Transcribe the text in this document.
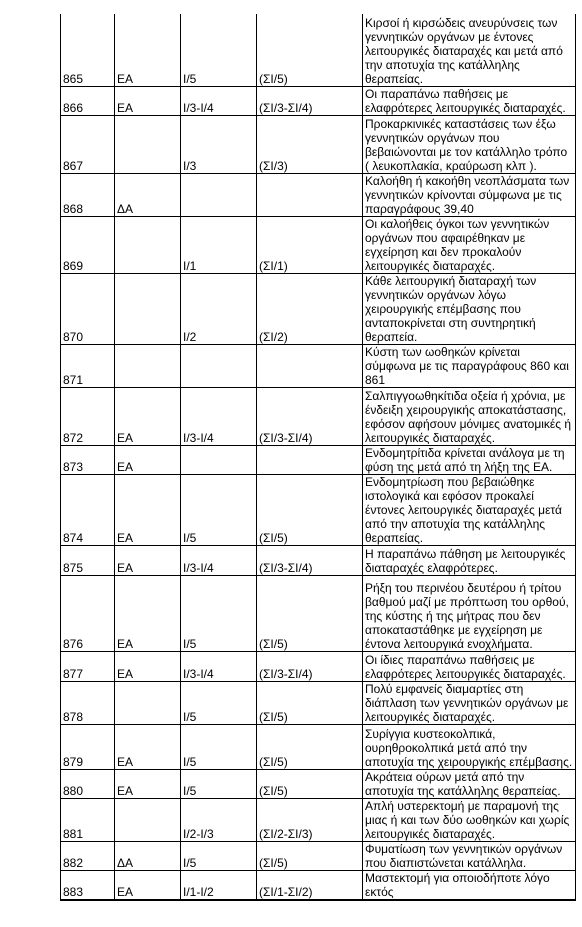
865	ΕΑ	Ι/5	(ΣΙ/5)	Κιρσοί ή κιρσώδεις ανευρύνσεις των γεννητικών οργάνων με έντονες λειτουργικές διαταραχές και μετά από την αποτυχία της κατάλληλης θεραπείας.
866	ΕΑ	Ι/3-Ι/4	(ΣΙ/3-ΣΙ/4)	Οι παραπάνω παθήσεις με ελαφρότερες λειτουργικές διαταραχές.
867		Ι/3	(ΣΙ/3)	Προκαρκινικές καταστάσεις των έξω γεννητικών οργάνων που βεβαιώνονται με τον κατάλληλο τρόπο ( λευκοπλακία, κραύρωση κλπ ).
868	ΔΑ			Καλοήθη ή κακοήθη νεοπλάσματα των γεννητικών κρίνονται σύμφωνα με τις παραγράφους 39,40
869		Ι/1	(ΣΙ/1)	Οι καλοήθεις όγκοι των γεννητικών οργάνων που αφαιρέθηκαν με εγχείρηση και δεν προκαλούν λειτουργικές διαταραχές.
870		Ι/2	(ΣΙ/2)	Κάθε λειτουργική διαταραχή των γεννητικών οργάνων λόγω χειρουργικής επέμβασης που ανταποκρίνεται στη συντηρητική θεραπεία.
871				Κύστη των ωοθηκών κρίνεται σύμφωνα με τις παραγράφους 860 και 861
872	ΕΑ	Ι/3-Ι/4	(ΣΙ/3-ΣΙ/4)	Σαλπιγγοωθηκίτιδα οξεία ή χρόνια, με ένδειξη χειρουργικής αποκατάστασης, εφόσον αφήσουν μόνιμες ανατομικές ή λειτουργικές διαταραχές.
873	ΕΑ			Ενδομητρίτιδα κρίνεται ανάλογα με τη φύση της μετά από τη λήξη της ΕΑ.
874	ΕΑ	Ι/5	(ΣΙ/5)	Ενδομητρίωση που βεβαιώθηκε ιστολογικά και εφόσον προκαλεί έντονες λειτουργικές διαταραχές μετά από την αποτυχία της κατάλληλης θεραπείας.
875	ΕΑ	Ι/3-Ι/4	(ΣΙ/3-ΣΙ/4)	Η παραπάνω πάθηση με λειτουργικές διαταραχές ελαφρότερες.
876	ΕΑ	Ι/5	(ΣΙ/5)	Ρήξη του περινέου δευτέρου ή τρίτου βαθμού μαζί με πρόπτωση του ορθού, της κύστης ή της μήτρας που δεν αποκαταστάθηκε με εγχείρηση με έντονα λειτουργικά ενοχλήματα.
877	ΕΑ	Ι/3-Ι/4	(ΣΙ/3-ΣΙ/4)	Οι ίδιες παραπάνω παθήσεις με ελαφρότερες λειτουργικές διαταραχές.
878		Ι/5	(ΣΙ/5)	Πολύ εμφανείς διαμαρτίες στη διάπλαση των γεννητικών οργάνων με λειτουργικές διαταραχές.
879	ΕΑ	Ι/5	(ΣΙ/5)	Συρίγγια κυστεοκολπικά, ουρηθροκολπικά μετά από την αποτυχία της χειρουργικής επέμβασης.
880	ΕΑ	Ι/5	(ΣΙ/5)	Ακράτεια ούρων μετά από την αποτυχία της κατάλληλης θεραπείας.
881		Ι/2-Ι/3	(ΣΙ/2-ΣΙ/3)	Απλή υστερεκτομή με παραμονή της μιας ή και των δύο ωοθηκών και χωρίς λειτουργικές διαταραχές.
882	ΔΑ	Ι/5	(ΣΙ/5)	Φυματίωση των γεννητικών οργάνων που διαπιστώνεται κατάλληλα.
883	ΕΑ	Ι/1-Ι/2	(ΣΙ/1-ΣΙ/2)	Μαστεκτομή για οποιοδήποτε λόγο εκτός
